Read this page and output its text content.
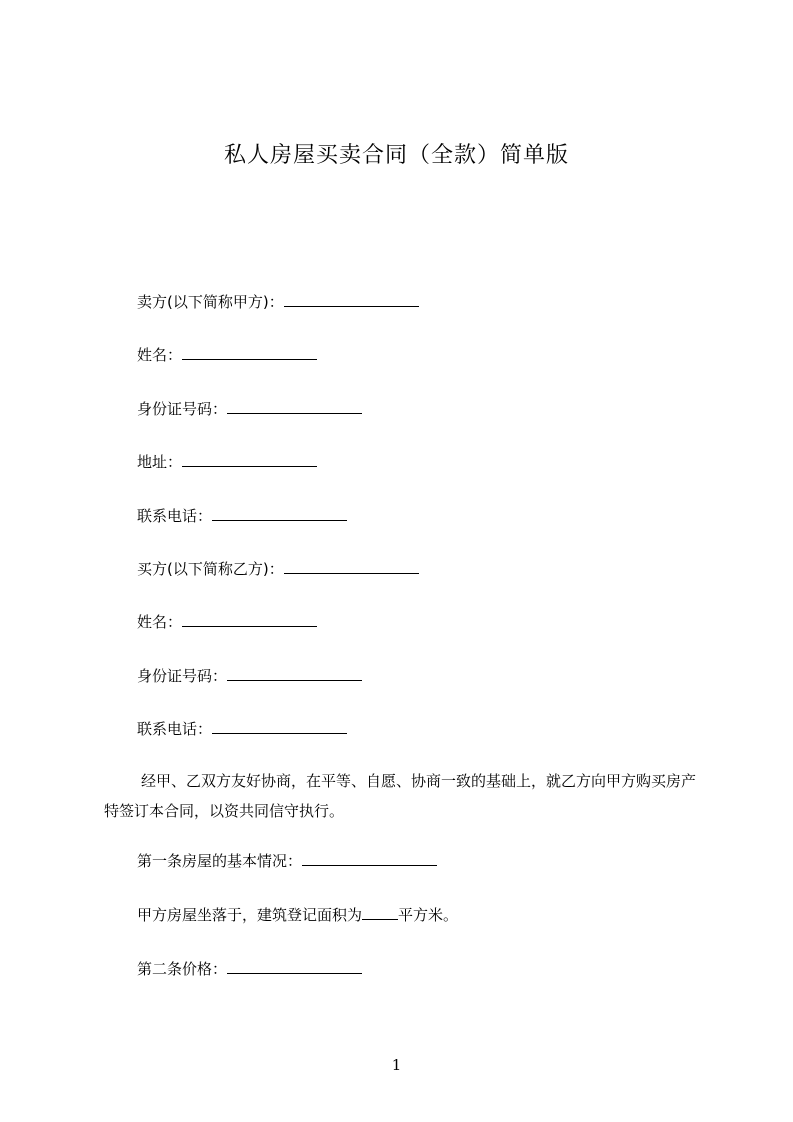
私人房屋买卖合同（全款）简单版
卖方(以下简称甲方)：
姓名：
身份证号码：
地址：
联系电话：
买方(以下简称乙方)：
姓名：
身份证号码：
联系电话：

经甲、乙双方友好协商，在平等、自愿、协商一致的基础上，就乙方向甲方购买房产特签订本合同，以资共同信守执行。

第一条房屋的基本情况：
甲方房屋坐落于，建筑登记面积为 平方米。
第二条价格：
1
